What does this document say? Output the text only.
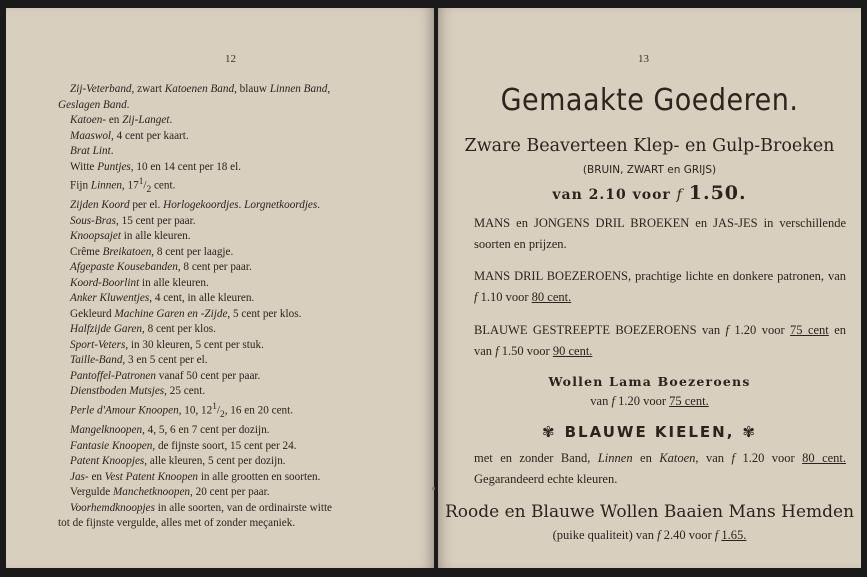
12
Zij-Veterband, zwart Katoenen Band, blauw Linnen Band,
Geslagen Band.
Katoen- en Zij-Langet.
Maaswol, 4 cent per kaart.
Brat Lint.
Witte Puntjes, 10 en 14 cent per 18 el.
Fijn Linnen, $17^1/_2$ cent.
Zijden Koord per el. Horlogekoordjes. Lorgnetkoordjes.
Sous-Bras, 15 cent per paar.
Knoopsajet in alle kleuren.
Crême Breikatoen, 8 cent per laagje.
Afgepaste Kousebanden, 8 cent per paar.
Koord-Boorlint in alle kleuren.
Anker Kluwentjes, 4 cent, in alle kleuren.
Gekleurd Machine Garen en -Zijde, 5 cent per klos.
Halfzijde Garen, 8 cent per klos.
Sport-Veters, in 30 kleuren, 5 cent per stuk.
Taille-Band, 3 en 5 cent per el.
Pantoffel-Patronen vanaf 50 cent per paar.
Dienstboden Mutsjes, 25 cent.
Perle d'Amour Knoopen, 10, $12^1/_2$, 16 en 20 cent.
Mangelknoopen, 4, 5, 6 en 7 cent per dozijn.
Fantasie Knoopen, de fijnste soort, 15 cent per 24.
Patent Knoopjes, alle kleuren, 5 cent per dozijn.
Jas- en Vest Patent Knoopen in alle grootten en soorten.
Vergulde Manchetknoopen, 20 cent per paar.
Voorhemdknoopjes in alle soorten, van de ordinairste witte
tot de fijnste vergulde, alles met of zonder meçaniek.
13
Gemaakte Goederen.
Zware Beaverteen Klep- en Gulp-Broeken
(BRUIN, ZWART en GRIJS)
van 2.10 voor f 1.50.
MANS en JONGENS DRIL BROEKEN en JAS-JES in verschillende soorten en prijzen.
MANS DRIL BOEZEROENS, prachtige lichte en donkere patronen, van f 1.10 voor 80 cent.
BLAUWE GESTREEPTE BOEZEROENS van f 1.20 voor 75 cent en van f 1.50 voor 90 cent.
Wollen Lama Boezeroens
van f 1.20 voor 75 cent.
✾ BLAUWE KIELEN, ✾
met en zonder Band, Linnen en Katoen, van f 1.20 voor 80 cent. Gegarandeerd echte kleuren.
Roode en Blauwe Wollen Baaien Mans Hemden
(puike qualiteit) van f 2.40 voor f 1.65.
